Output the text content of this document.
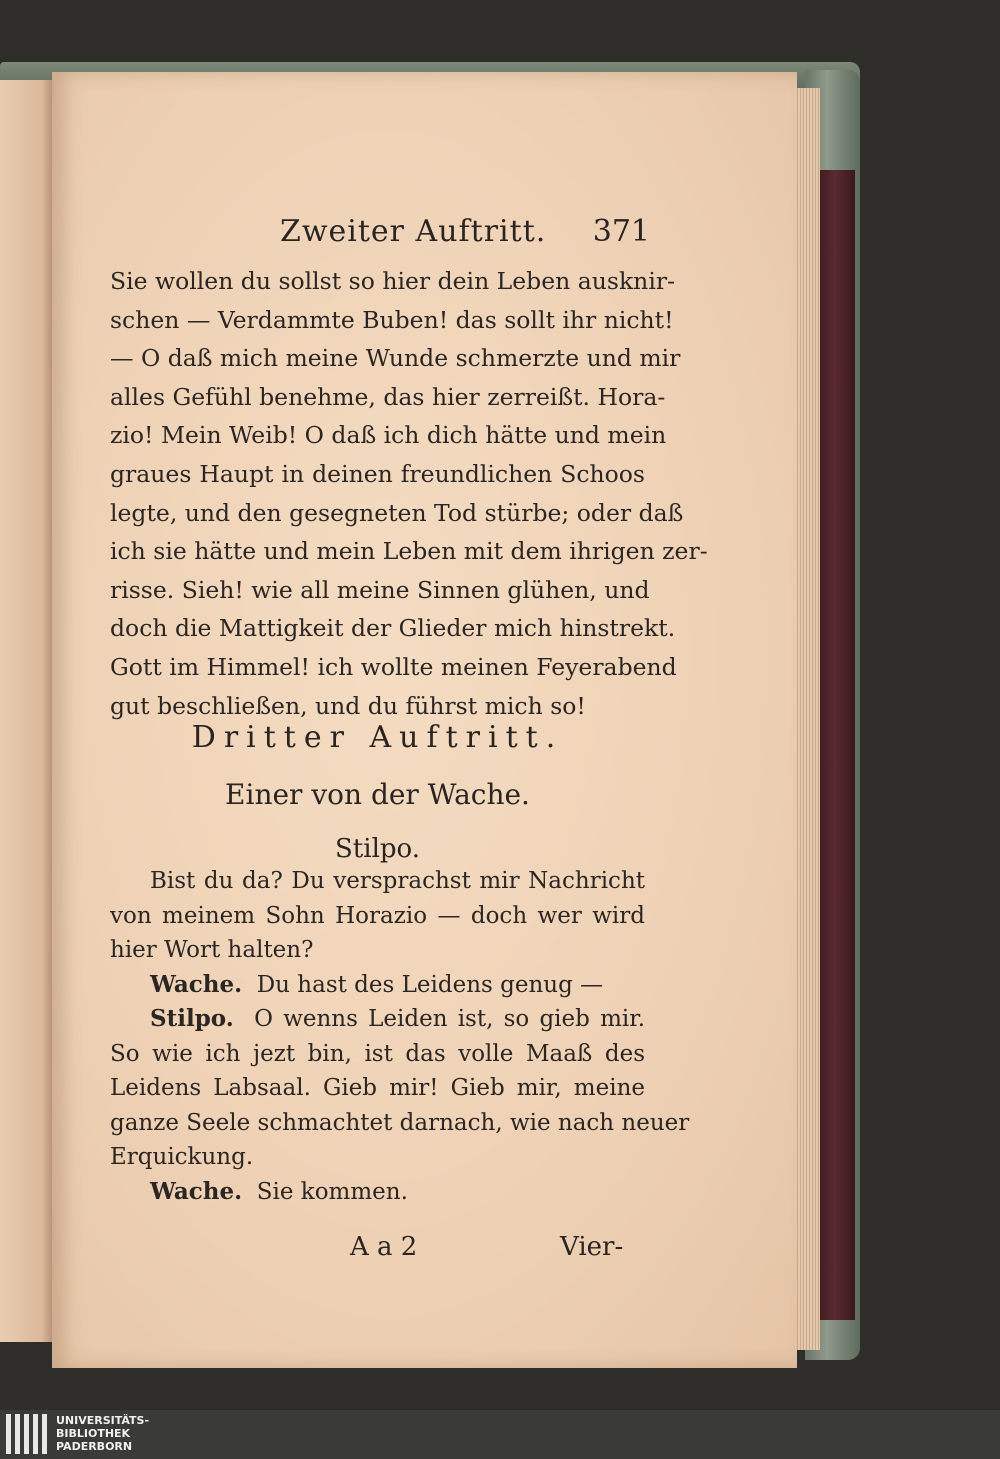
Zweiter Auftritt. 371
Sie wollen du sollst so hier dein Leben ausknir-
schen — Verdammte Buben! das sollt ihr nicht!
— O daß mich meine Wunde schmerzte und mir
alles Gefühl benehme, das hier zerreißt. Hora-
zio! Mein Weib! O daß ich dich hätte und mein
graues Haupt in deinen freundlichen Schoos
legte, und den gesegneten Tod stürbe; oder daß
ich sie hätte und mein Leben mit dem ihrigen zer-
risse. Sieh! wie all meine Sinnen glühen, und
doch die Mattigkeit der Glieder mich hinstrekt.
Gott im Himmel! ich wollte meinen Feyerabend
gut beschließen, und du führst mich so!
Dritter Auftritt.
Einer von der Wache.
Stilpo.
Bist du da? Du versprachst mir Nachricht
von meinem Sohn Horazio — doch wer wird
hier Wort halten?
Wache. Du hast des Leidens genug —
Stilpo. O wenns Leiden ist, so gieb mir.
So wie ich jezt bin, ist das volle Maaß des
Leidens Labsaal. Gieb mir! Gieb mir, meine
ganze Seele schmachtet darnach, wie nach neuer
Erquickung.
Wache. Sie kommen.
A a 2	Vier-
UNIVERSITÄTS-
BIBLIOTHEK
PADERBORN
